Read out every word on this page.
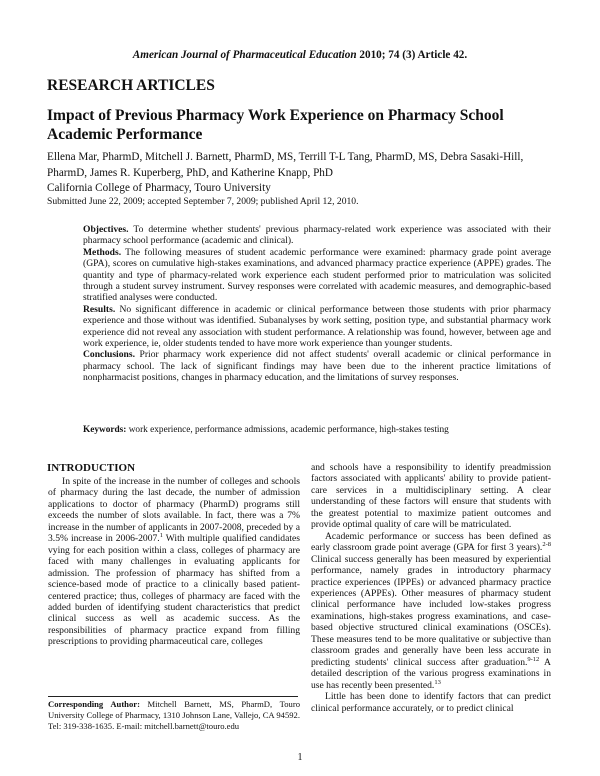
American Journal of Pharmaceutical Education 2010; 74 (3) Article 42.
RESEARCH ARTICLES
Impact of Previous Pharmacy Work Experience on Pharmacy School Academic Performance
Ellena Mar, PharmD, Mitchell J. Barnett, PharmD, MS, Terrill T-L Tang, PharmD, MS, Debra Sasaki-Hill, PharmD, James R. Kuperberg, PhD, and Katherine Knapp, PhD
California College of Pharmacy, Touro University
Submitted June 22, 2009; accepted September 7, 2009; published April 12, 2010.

Objectives. To determine whether students' previous pharmacy-related work experience was associated with their pharmacy school performance (academic and clinical).

Methods. The following measures of student academic performance were examined: pharmacy grade point average (GPA), scores on cumulative high-stakes examinations, and advanced pharmacy practice experience (APPE) grades. The quantity and type of pharmacy-related work experience each student performed prior to matriculation was solicited through a student survey instrument. Survey responses were correlated with academic measures, and demographic-based stratified analyses were conducted.

Results. No significant difference in academic or clinical performance between those students with prior pharmacy experience and those without was identified. Subanalyses by work setting, position type, and substantial pharmacy work experience did not reveal any association with student performance. A relationship was found, however, between age and work experience, ie, older students tended to have more work experience than younger students.

Conclusions. Prior pharmacy work experience did not affect students' overall academic or clinical performance in pharmacy school. The lack of significant findings may have been due to the inherent practice limitations of nonpharmacist positions, changes in pharmacy education, and the limitations of survey responses.

Keywords: work experience, performance admissions, academic performance, high-stakes testing
INTRODUCTION

In spite of the increase in the number of colleges and schools of pharmacy during the last decade, the number of admission applications to doctor of pharmacy (PharmD) programs still exceeds the number of slots available. In fact, there was a 7% increase in the number of applicants in 2007-2008, preceded by a 3.5% increase in 2006-2007.$^1$ With multiple qualified candidates vying for each position within a class, colleges of pharmacy are faced with many challenges in evaluating applicants for admission. The profession of pharmacy has shifted from a science-based mode of practice to a clinically based patient-centered practice; thus, colleges of pharmacy are faced with the added burden of identifying student characteristics that predict clinical success as well as academic success. As the responsibilities of pharmacy practice expand from filling prescriptions to providing pharmaceutical care, colleges

Corresponding Author: Mitchell Barnett, MS, PharmD, Touro University College of Pharmacy, 1310 Johnson Lane, Vallejo, CA 94592. Tel: 319-338-1635. E-mail: mitchell.barnett@touro.edu

and schools have a responsibility to identify preadmission factors associated with applicants' ability to provide patient-care services in a multidisciplinary setting. A clear understanding of these factors will ensure that students with the greatest potential to maximize patient outcomes and provide optimal quality of care will be matriculated.

Academic performance or success has been defined as early classroom grade point average (GPA for first 3 years).$^{2-8}$ Clinical success generally has been measured by experiential performance, namely grades in introductory pharmacy practice experiences (IPPEs) or advanced pharmacy practice experiences (APPEs). Other measures of pharmacy student clinical performance have included low-stakes progress examinations, high-stakes progress examinations, and case-based objective structured clinical examinations (OSCEs). These measures tend to be more qualitative or subjective than classroom grades and generally have been less accurate in predicting students' clinical success after graduation.$^{9-12}$ A detailed description of the various progress examinations in use has recently been presented.$^{13}$

Little has been done to identify factors that can predict clinical performance accurately, or to predict clinical

1
